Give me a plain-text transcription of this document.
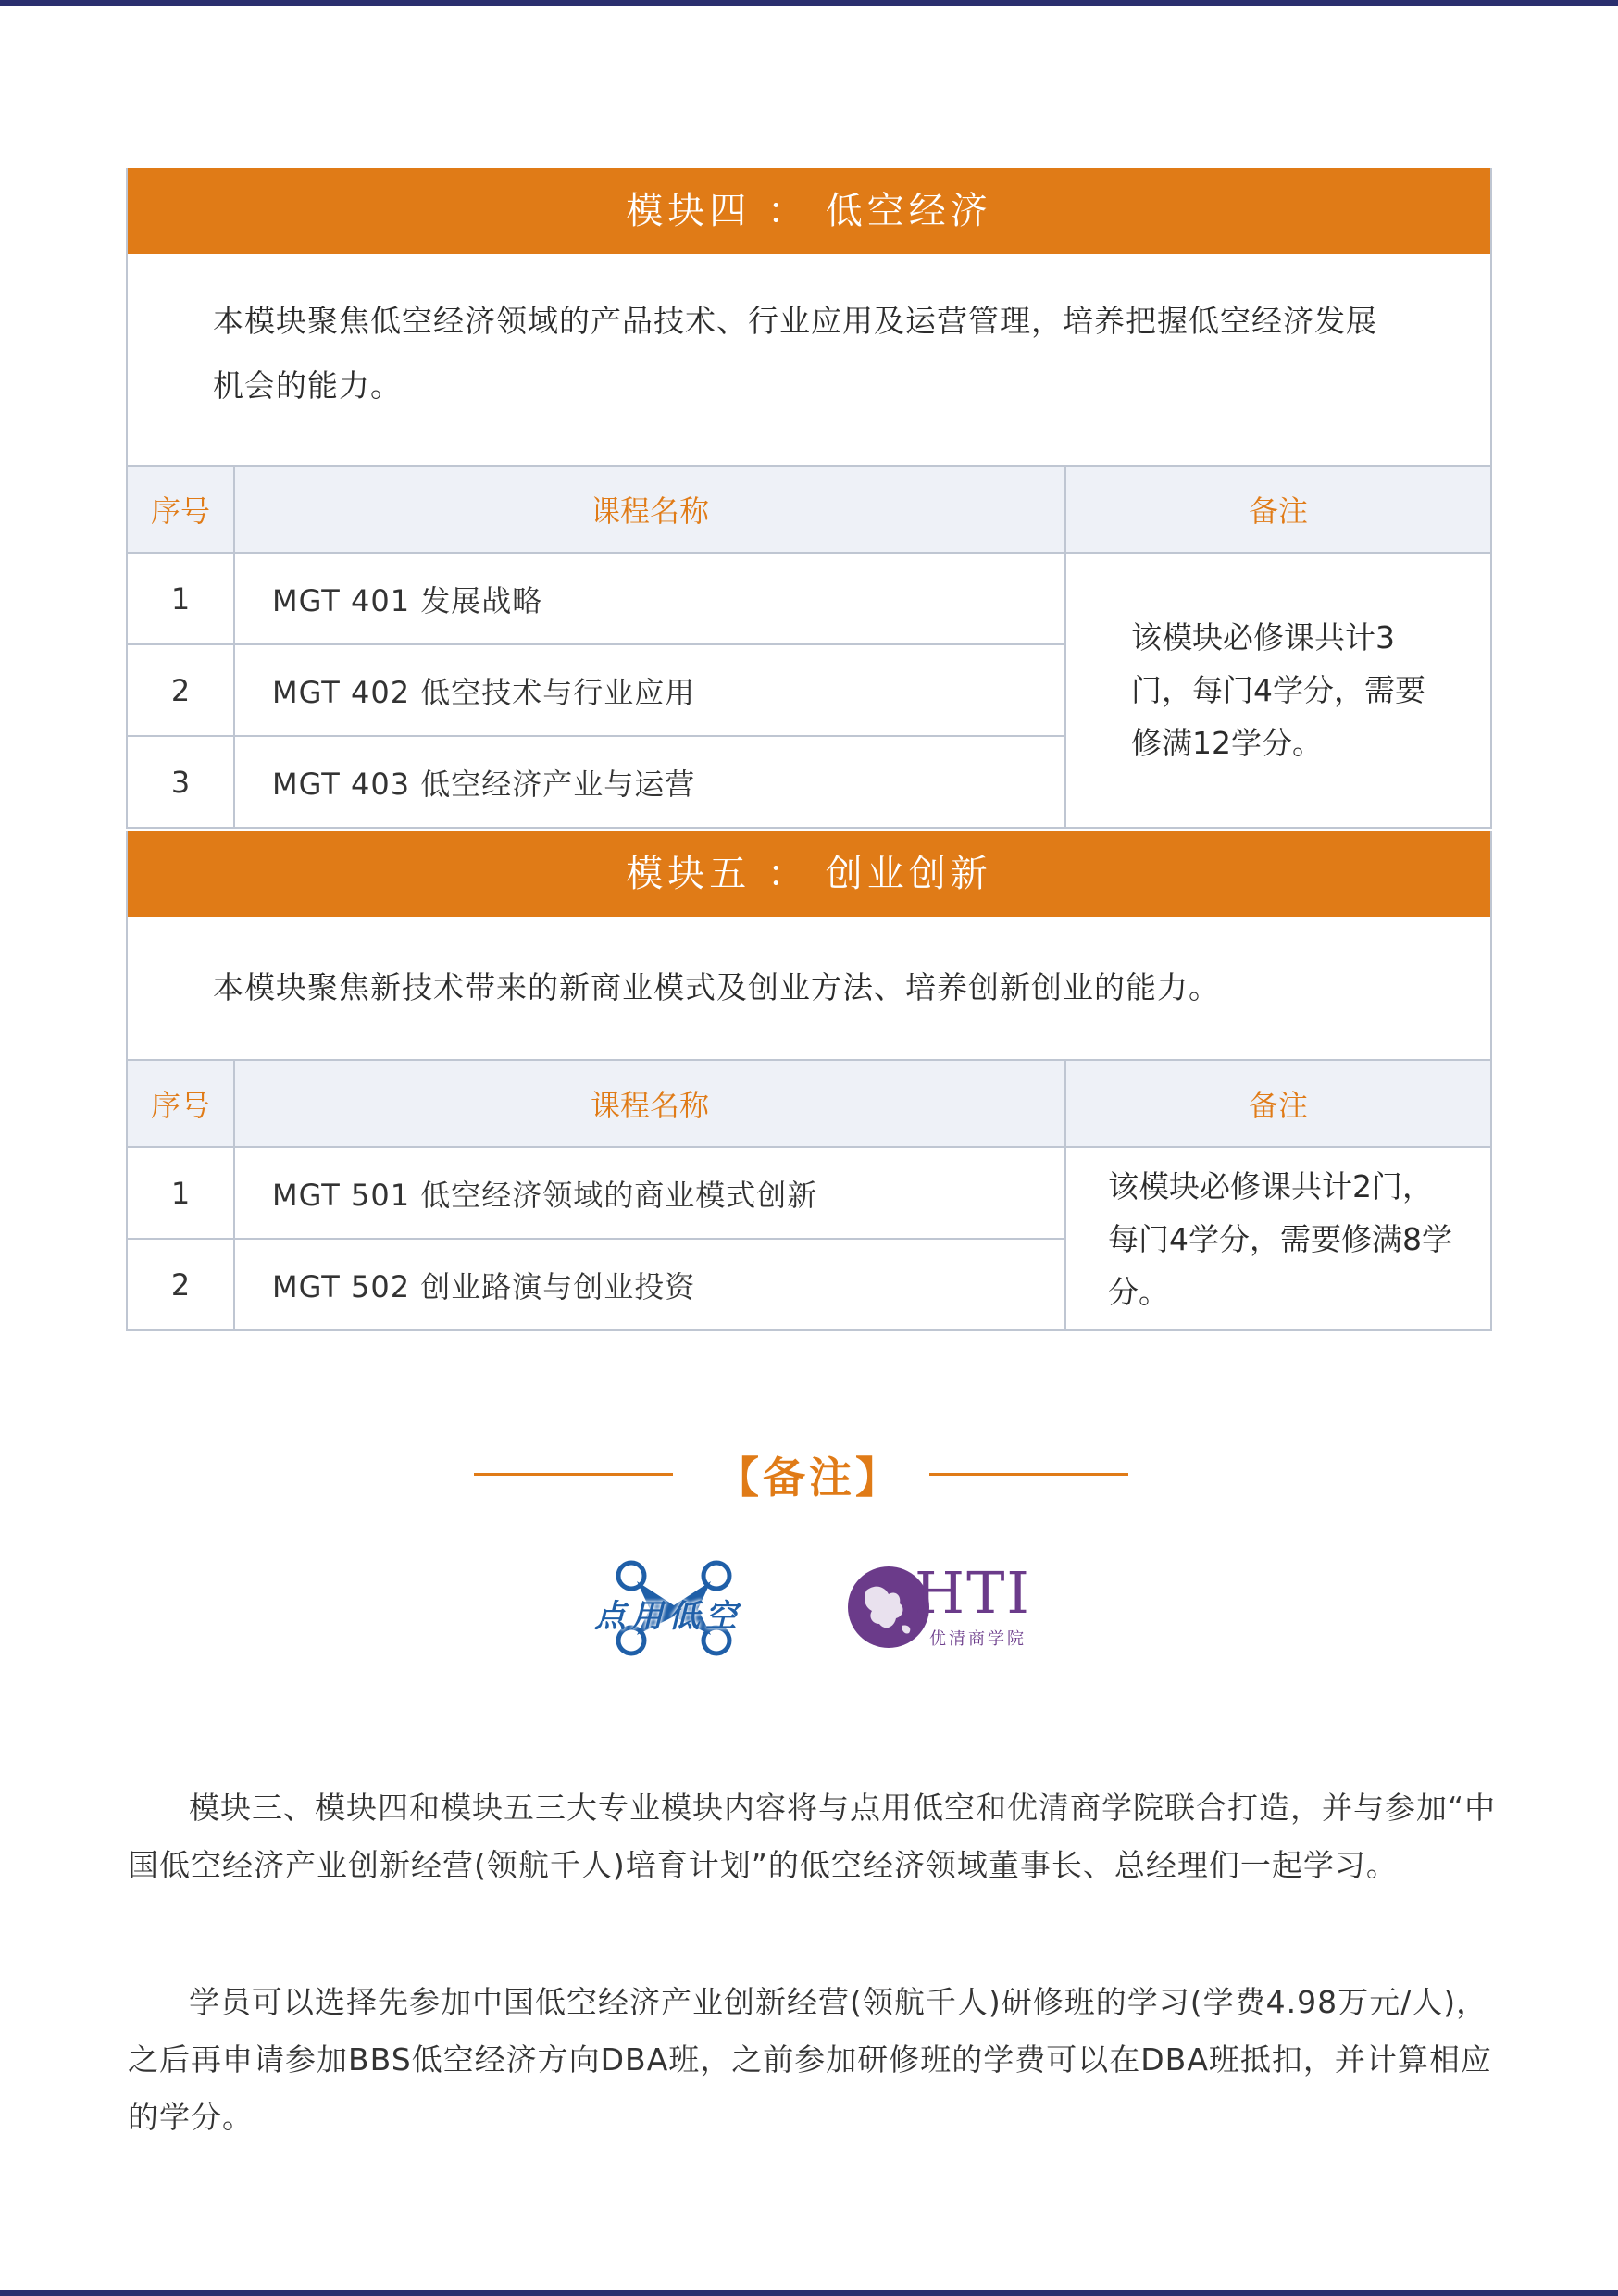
模块四 ： 低空经济
本模块聚焦低空经济领域的产品技术、行业应用及运营管理，培养把握低空经济发展机会的能力。
序号	课程名称	备注
1	MGT 401 发展战略	该模块必修课共计3门，每门4学分，需要修满12学分。
2	MGT 402 低空技术与行业应用	
3	MGT 403 低空经济产业与运营	
模块五 ： 创业创新
本模块聚焦新技术带来的新商业模式及创业方法、培养创新创业的能力。
序号	课程名称	备注
1	MGT 501 低空经济领域的商业模式创新	该模块必修课共计2门，每门4学分，需要修满8学分。
2	MGT 502 创业路演与创业投资	
【备注】
点用低空	HTI
优清商学院
模块三、模块四和模块五三大专业模块内容将与点用低空和优清商学院联合打造，并与参加“中国低空经济产业创新经营(领航千人)培育计划”的低空经济领域董事长、总经理们一起学习。
学员可以选择先参加中国低空经济产业创新经营(领航千人)研修班的学习(学费4.98万元/人)，之后再申请参加BBS低空经济方向DBA班，之前参加研修班的学费可以在DBA班抵扣，并计算相应的学分。
